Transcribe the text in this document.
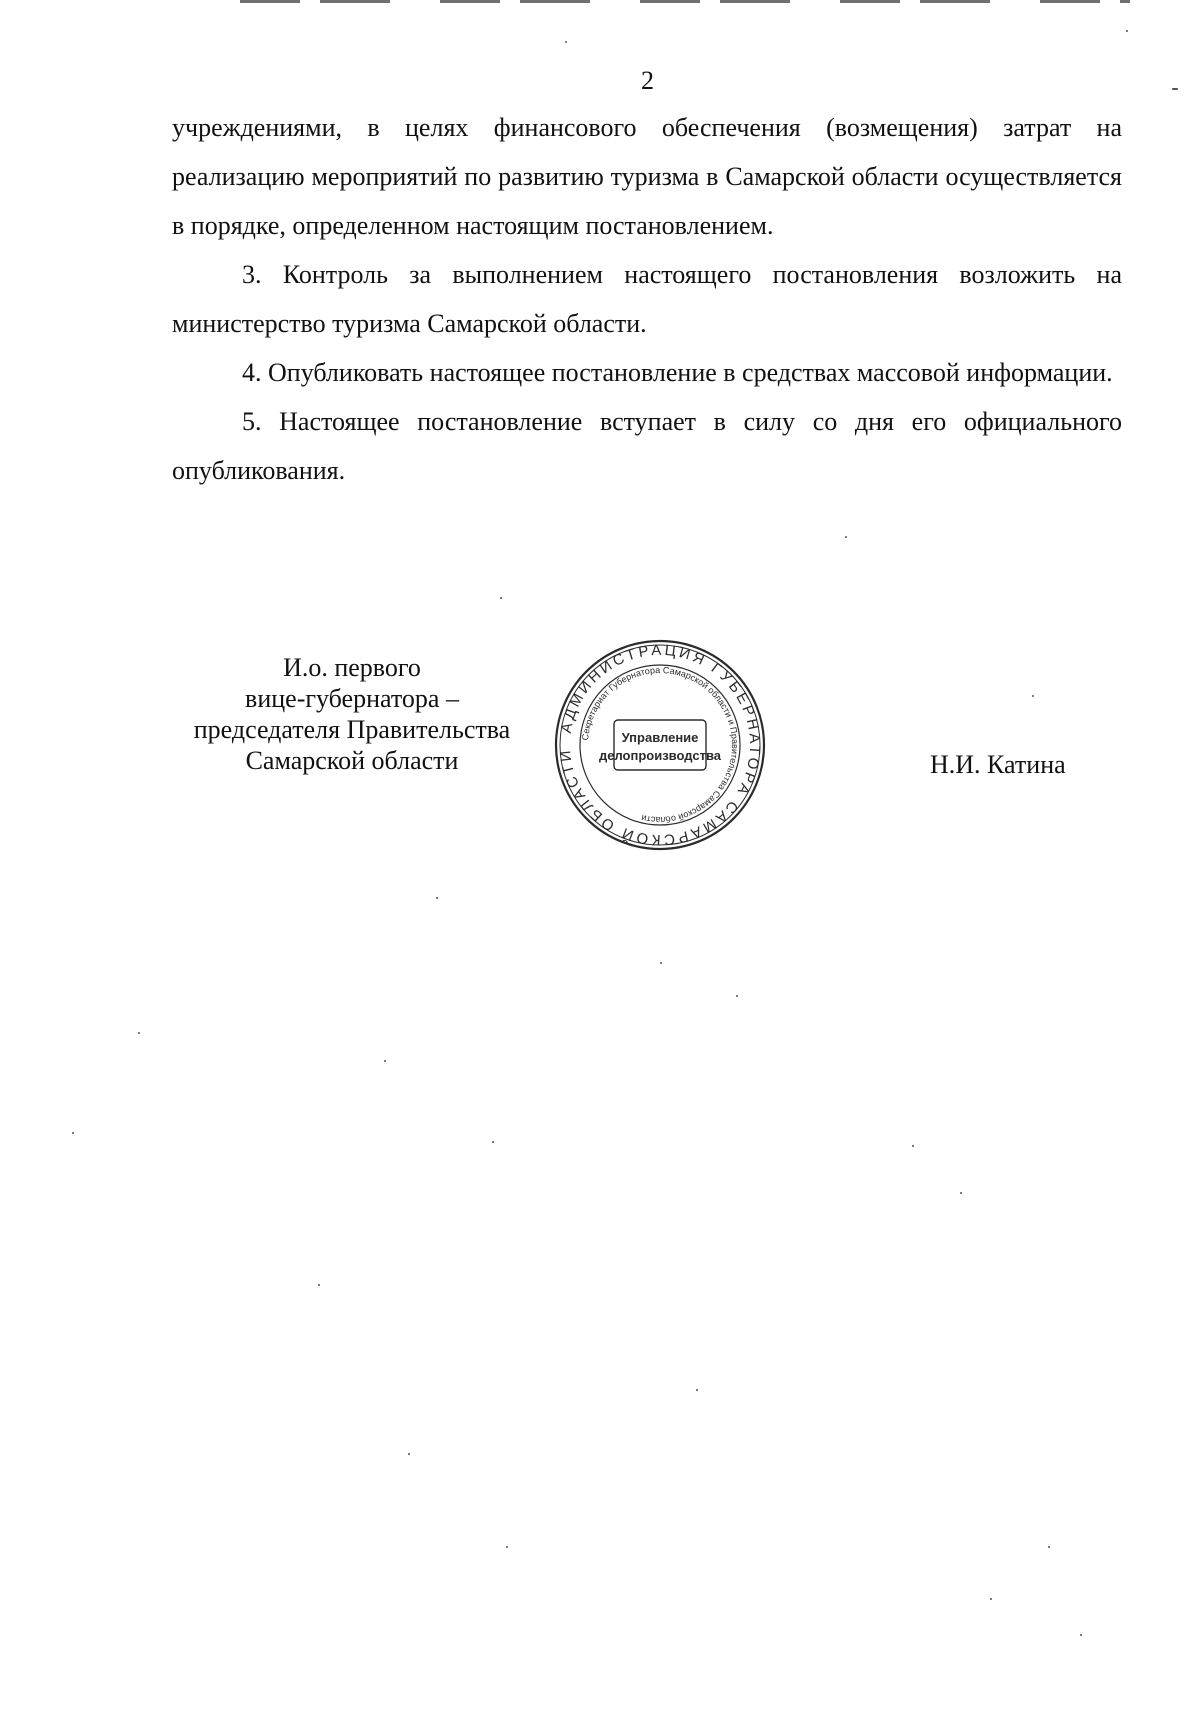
2

учреждениями, в целях финансового обеспечения (возмещения) затрат на реализацию мероприятий по развитию туризма в Самарской области осуществляется в порядке, определенном настоящим постановлением.

3. Контроль за выполнением настоящего постановления возложить на министерство туризма Самарской области.

4. Опубликовать настоящее постановление в средствах массовой информации.

5. Настоящее постановление вступает в силу со дня его официального опубликования.

И.о. первого
вице-губернатора –
председателя Правительства
Самарской области	Н.И. Катина
АДМИНИСТРАЦИЯ ГУБЕРНАТОРА САМАРСКОЙ ОБЛАСТИ
Секретариат Губернатора Самарской области и Правительства Самарской области
Управление
делопроизводства
